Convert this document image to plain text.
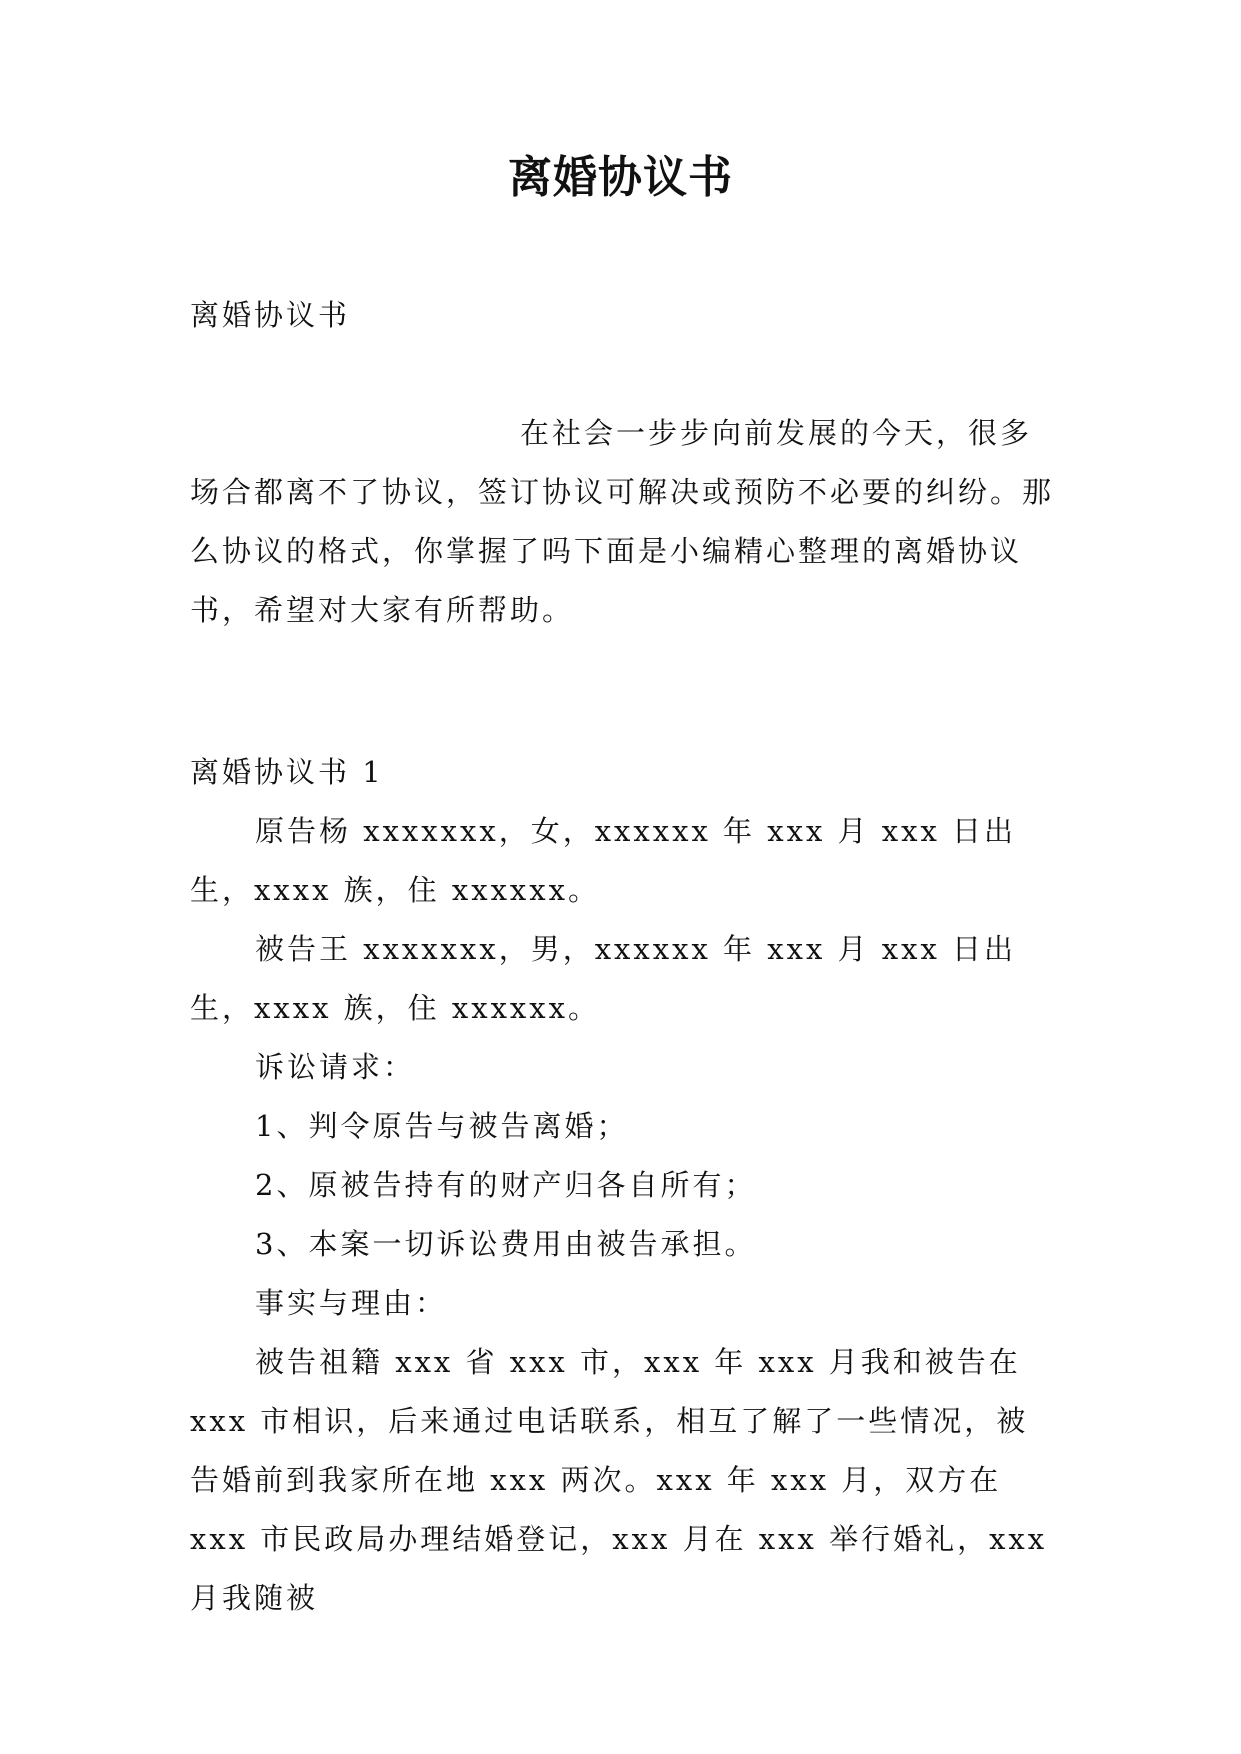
离婚协议书
离婚协议书

在社会一步步向前发展的今天，很多场合都离不了协议，签订协议可解决或预防不必要的纠纷。那么协议的格式，你掌握了吗下面是小编精心整理的离婚协议书，希望对大家有所帮助。

离婚协议书 1

原告杨 xxxxxxx，女，xxxxxx 年 xxx 月 xxx 日出生，xxxx 族，住 xxxxxx。

被告王 xxxxxxx，男，xxxxxx 年 xxx 月 xxx 日出生，xxxx 族，住 xxxxxx。

诉讼请求：

1、判令原告与被告离婚；

2、原被告持有的财产归各自所有；

3、本案一切诉讼费用由被告承担。

事实与理由：

被告祖籍 xxx 省 xxx 市，xxx 年 xxx 月我和被告在 xxx 市相识，后来通过电话联系，相互了解了一些情况，被告婚前到我家所在地 xxx 两次。xxx 年 xxx 月，双方在 xxx 市民政局办理结婚登记，xxx 月在 xxx 举行婚礼，xxx 月我随被
